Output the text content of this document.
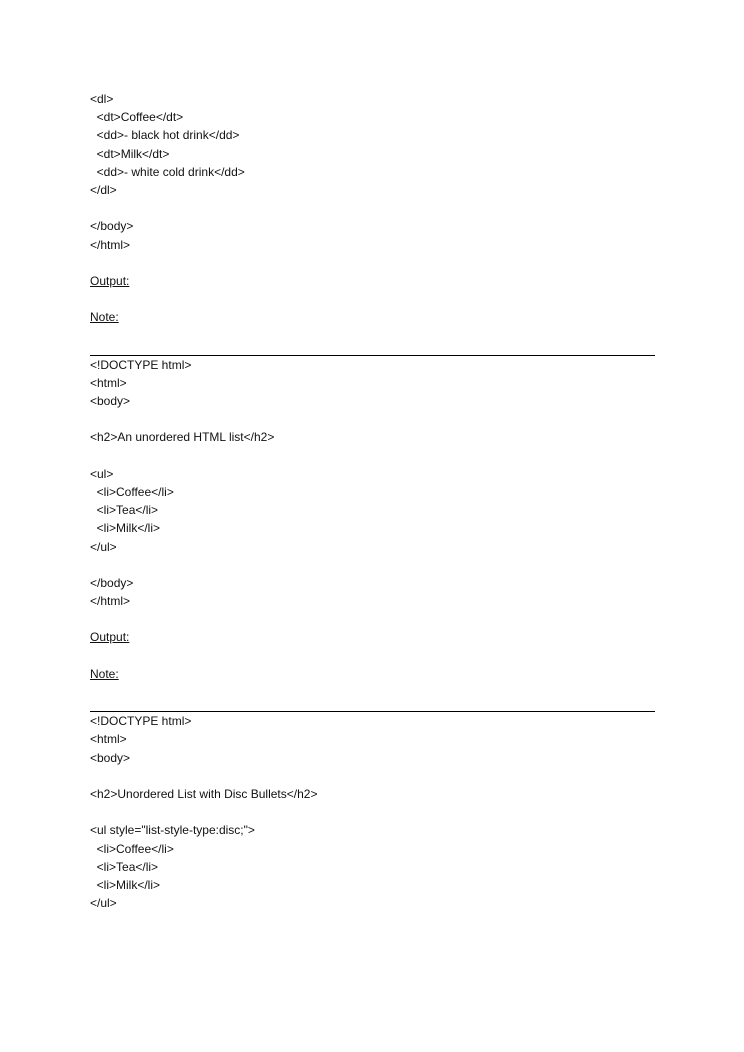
<dl>
<dt>Coffee</dt>
<dd>- black hot drink</dd>
<dt>Milk</dt>
<dd>- white cold drink</dd>
</dl>
</body>
</html>
Output:
Note:
<!DOCTYPE html>
<html>
<body>
<h2>An unordered HTML list</h2>
<ul>
<li>Coffee</li>
<li>Tea</li>
<li>Milk</li>
</ul>
</body>
</html>
Output:
Note:
<!DOCTYPE html>
<html>
<body>
<h2>Unordered List with Disc Bullets</h2>
<ul style="list-style-type:disc;">
<li>Coffee</li>
<li>Tea</li>
<li>Milk</li>
</ul>
